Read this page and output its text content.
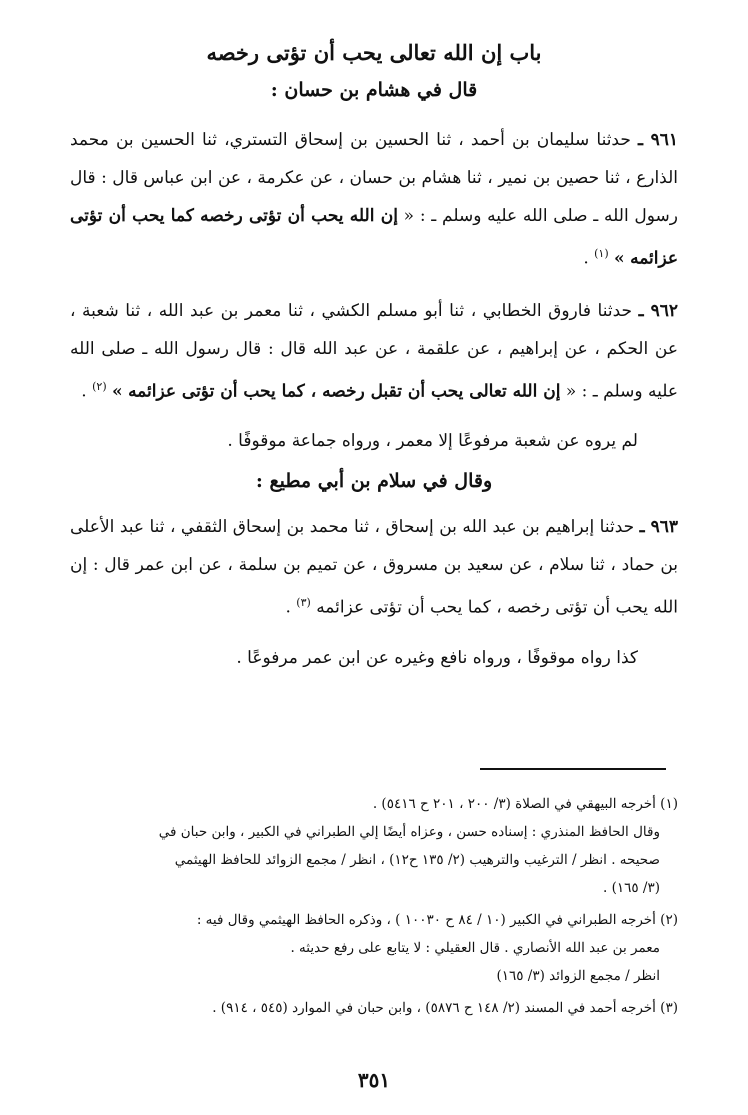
باب إن الله تعالى يحب أن تؤتى رخصه
قال في هشام بن حسان :

٩٦١ ـ حدثنا سليمان بن أحمد ، ثنا الحسين بن إسحاق التستري، ثنا الحسين بن محمد الذارع ، ثنا حصين بن نمير ، ثنا هشام بن حسان ، عن عكرمة ، عن ابن عباس قال : قال رسول الله ـ صلى الله عليه وسلم ـ : « إن الله يحب أن تؤتى رخصه كما يحب أن تؤتى عزائمه » $^{(١)}$ .

٩٦٢ ـ حدثنا فاروق الخطابي ، ثنا أبو مسلم الكشي ، ثنا معمر بن عبد الله ، ثنا شعبة ، عن الحكم ، عن إبراهيم ، عن علقمة ، عن عبد الله قال : قال رسول الله ـ صلى الله عليه وسلم ـ : « إن الله تعالى يحب أن تقبل رخصه ، كما يحب أن تؤتى عزائمه » $^{(٢)}$ .

لم يروه عن شعبة مرفوعًا إلا معمر ، ورواه جماعة موقوفًا .

وقال في سلام بن أبي مطيع :

٩٦٣ ـ حدثنا إبراهيم بن عبد الله بن إسحاق ، ثنا محمد بن إسحاق الثقفي ، ثنا عبد الأعلى بن حماد ، ثنا سلام ، عن سعيد بن مسروق ، عن تميم بن سلمة ، عن ابن عمر قال : إن الله يحب أن تؤتى رخصه ، كما يحب أن تؤتى عزائمه $^{(٣)}$ .

كذا رواه موقوفًا ، ورواه نافع وغيره عن ابن عمر مرفوعًا .

(١) أخرجه البيهقي في الصلاة (٣/ ٢٠٠ ، ٢٠١ ح ٥٤١٦) .
وقال الحافظ المنذري : إسناده حسن ، وعزاه أيضًا إلي الطبراني في الكبير ، وابن حبان في
صحيحه . انظر / الترغيب والترهيب (٢/ ١٣٥ ح١٢) ، انظر / مجمع الزوائد للحافظ الهيثمي
(٣/ ١٦٥) .
(٢) أخرجه الطبراني في الكبير (١٠ / ٨٤ ح ١٠٠٣٠ ) ، وذكره الحافظ الهيثمي وقال فيه :
معمر بن عبد الله الأنصاري . قال العقيلي : لا يتابع على رفع حديثه .
انظر / مجمع الزوائد (٣/ ١٦٥)
(٣) أخرجه أحمد في المسند (٢/ ١٤٨ ح ٥٨٧٦) ، وابن حبان في الموارد (٥٤٥ ، ٩١٤) .
٣٥١
